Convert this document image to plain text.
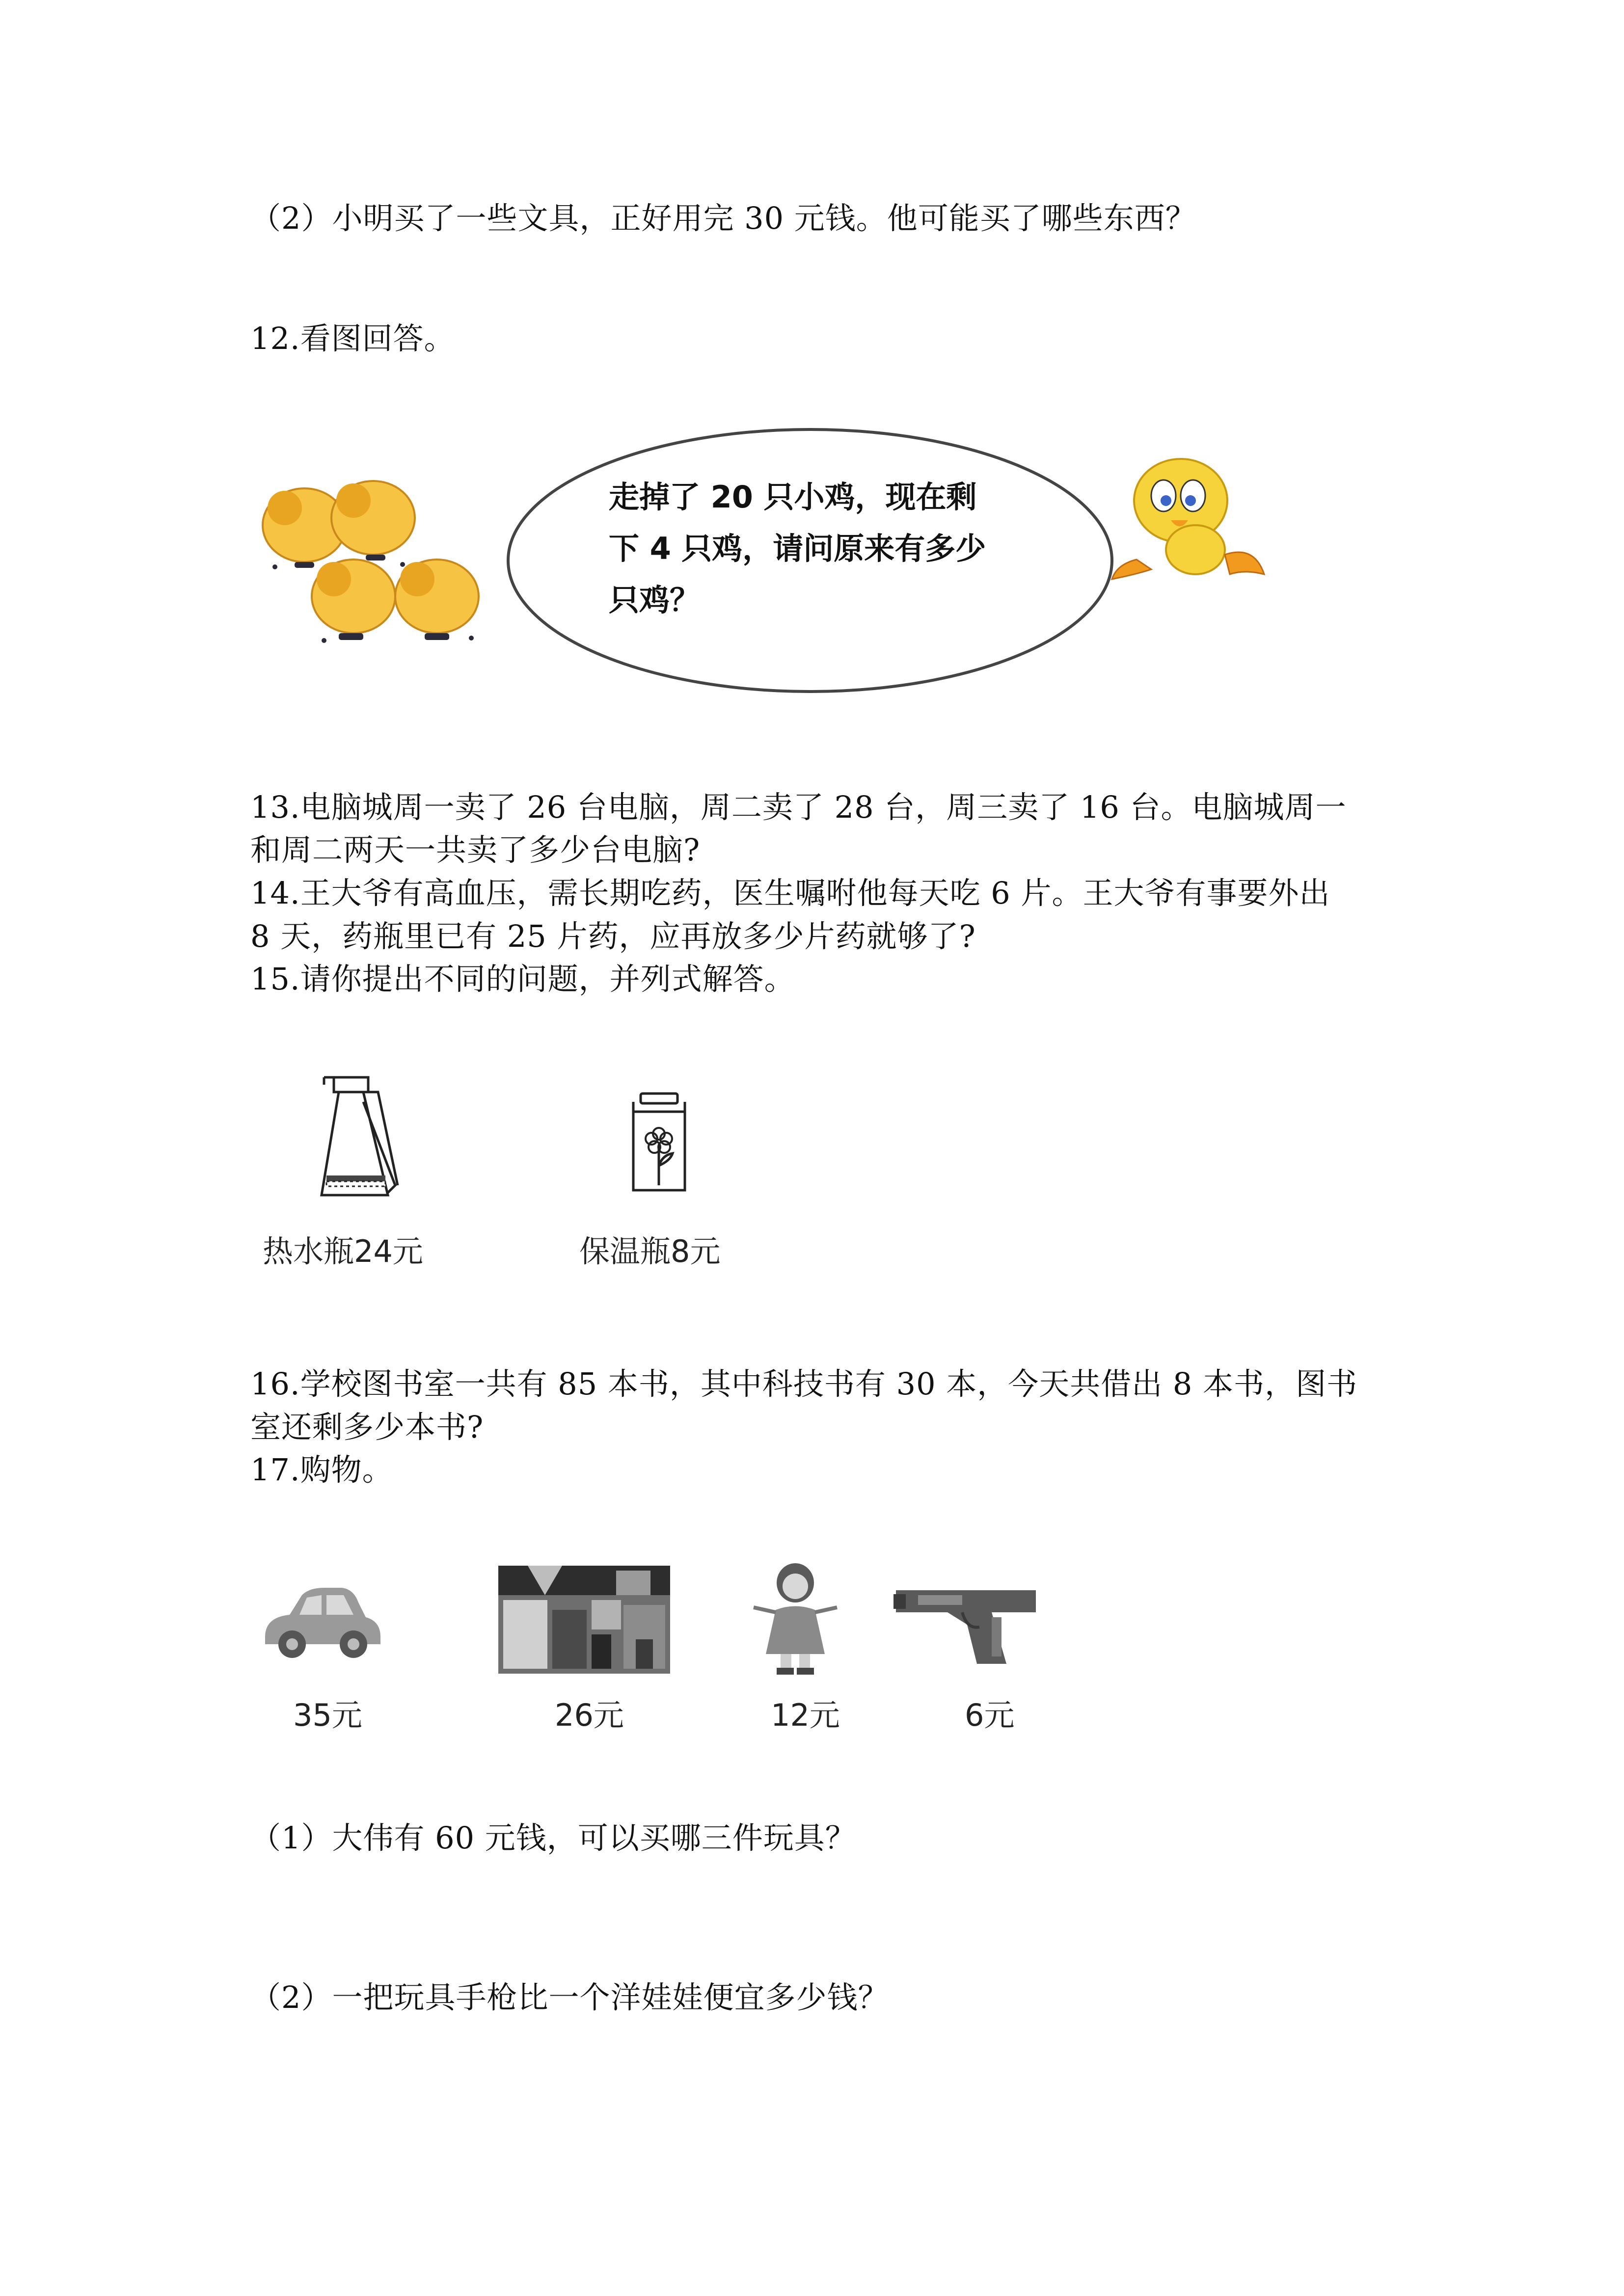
（2）小明买了一些文具，正好用完 30 元钱。他可能买了哪些东西？
12.看图回答。
走掉了 20 只小鸡，现在剩
下 4 只鸡，请问原来有多少
只鸡？
13.电脑城周一卖了 26 台电脑，周二卖了 28 台，周三卖了 16 台。电脑城周一
和周二两天一共卖了多少台电脑?
14.王大爷有高血压，需长期吃药，医生嘱咐他每天吃 6 片。王大爷有事要外出
8 天，药瓶里已有 25 片药，应再放多少片药就够了?
15.请你提出不同的问题，并列式解答。
热水瓶24元	保温瓶8元
16.学校图书室一共有 85 本书，其中科技书有 30 本，今天共借出 8 本书，图书
室还剩多少本书?
17.购物。
35元	26元	12元	6元
（1）大伟有 60 元钱，可以买哪三件玩具？
（2）一把玩具手枪比一个洋娃娃便宜多少钱？
